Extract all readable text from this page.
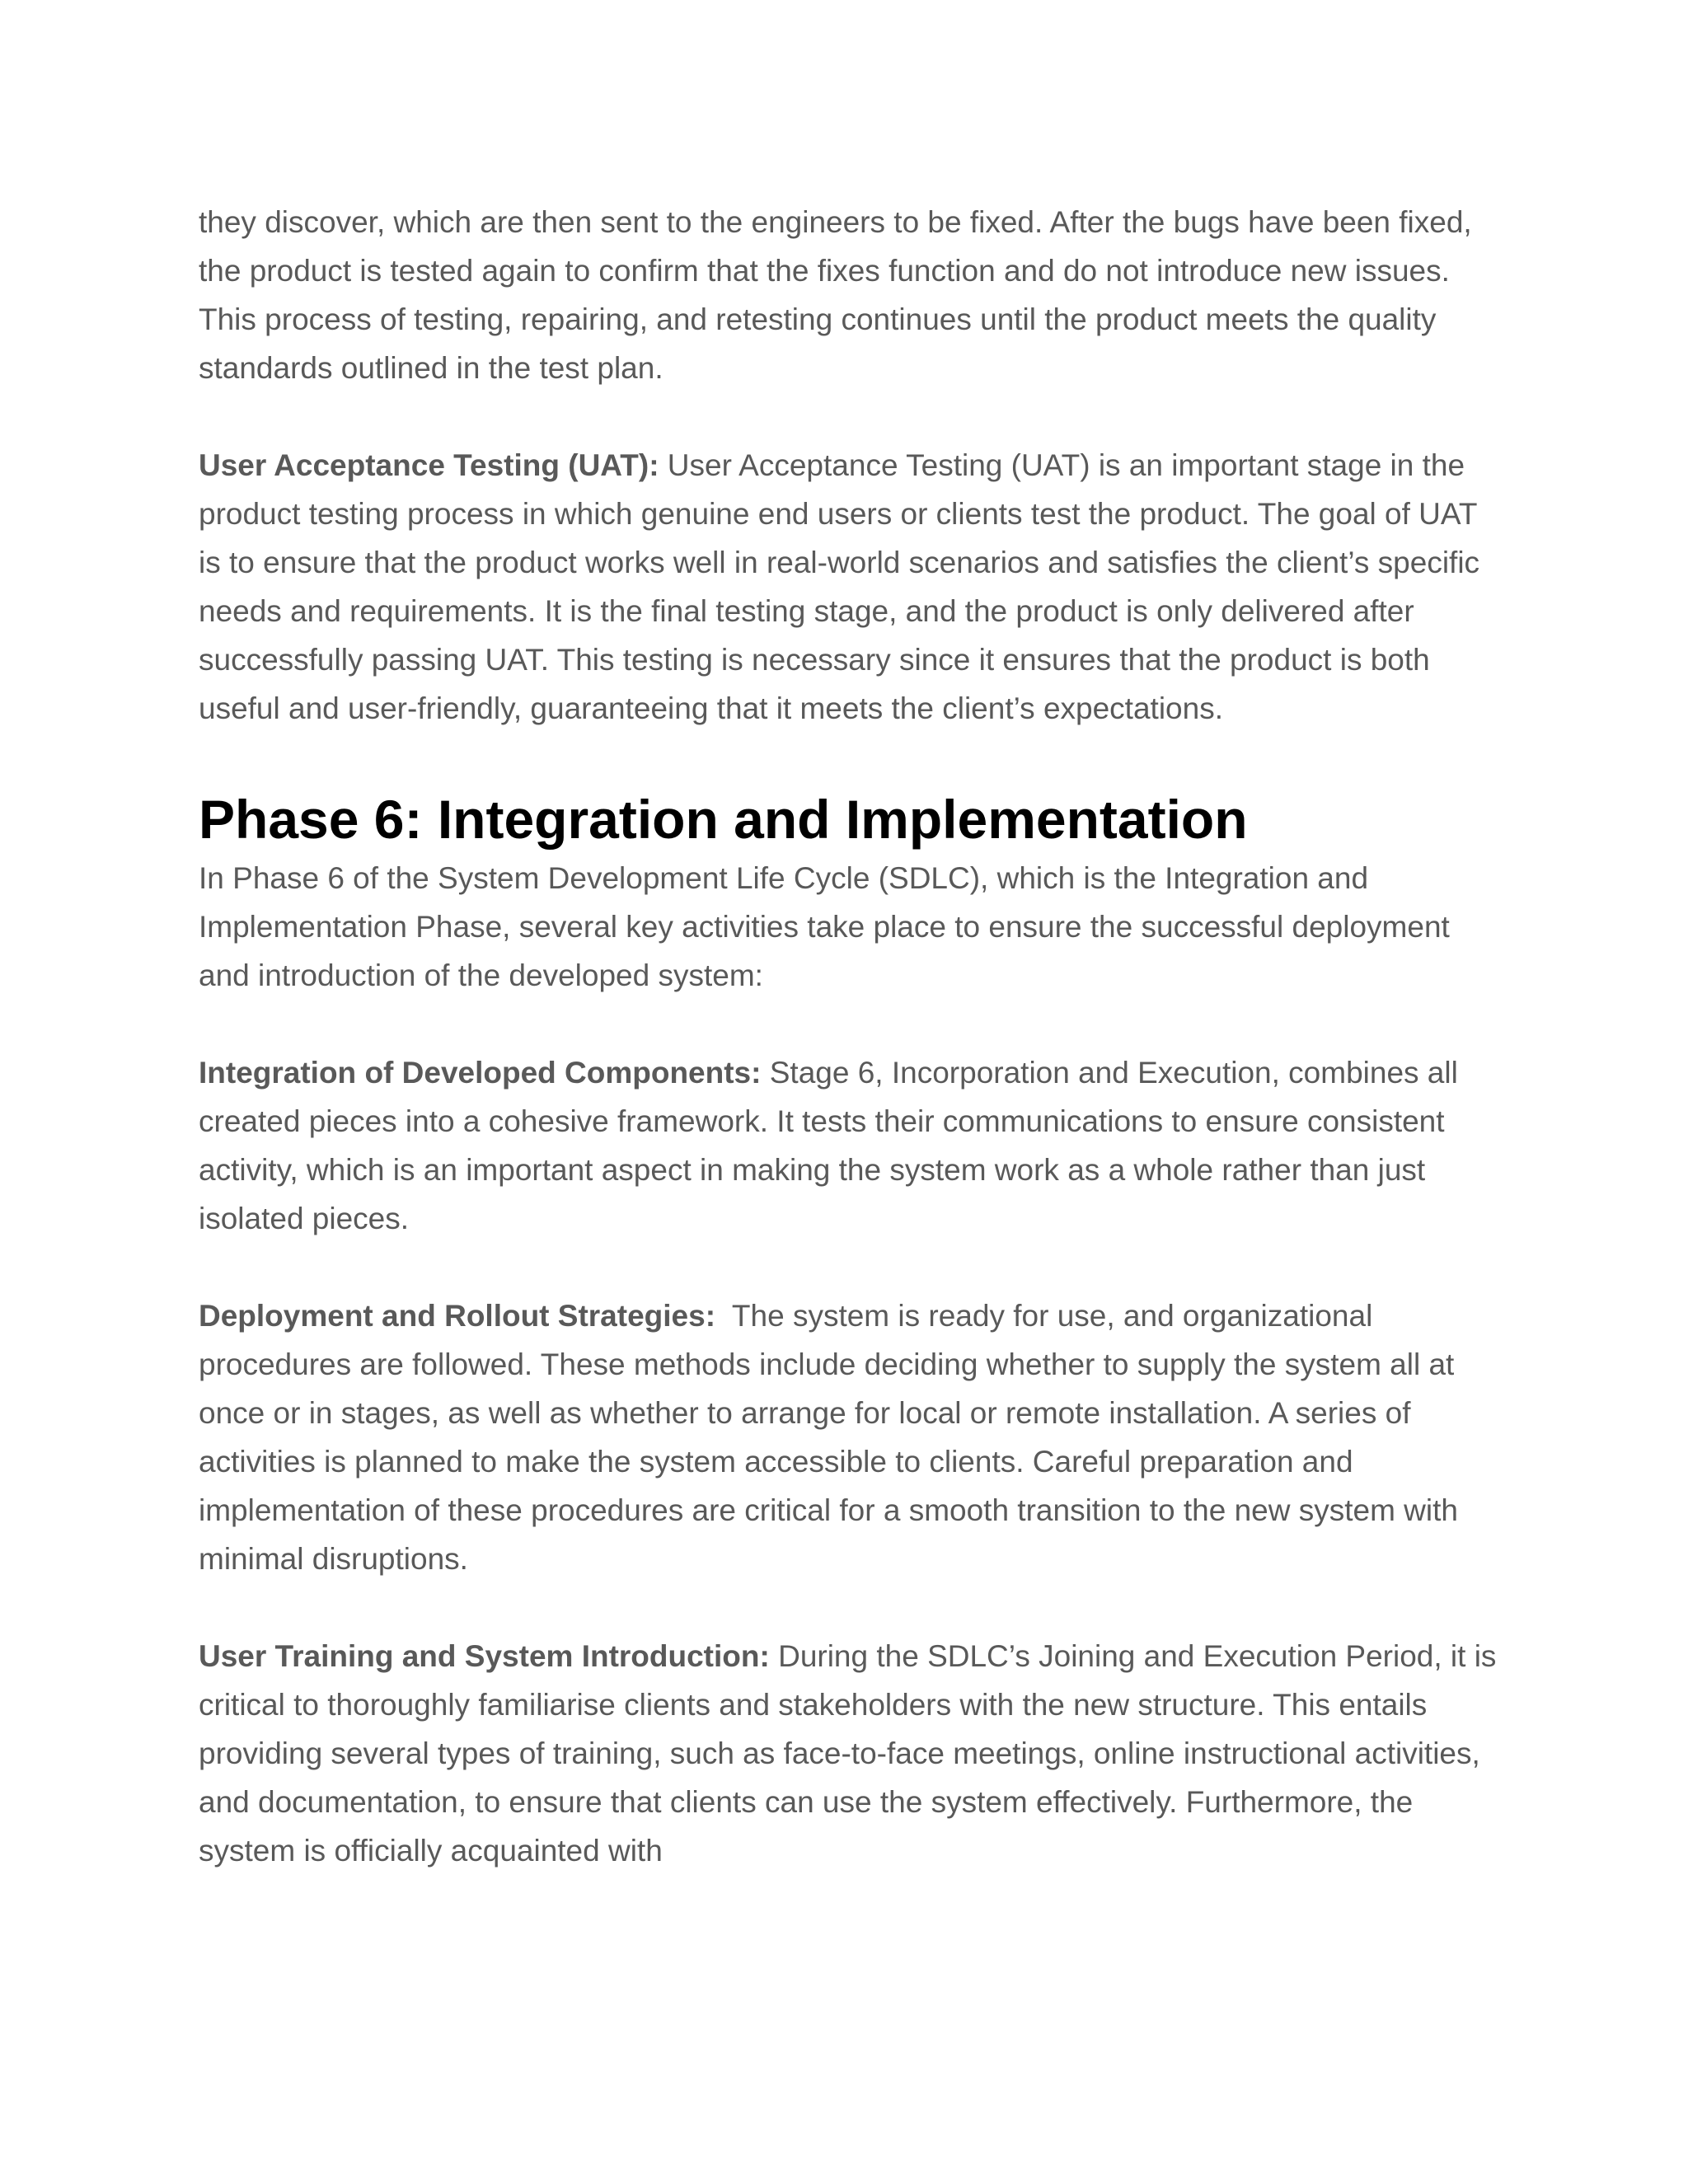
they discover, which are then sent to the engineers to be fixed. After the bugs have been fixed, the product is tested again to confirm that the fixes function and do not introduce new issues. This process of testing, repairing, and retesting continues until the product meets the quality standards outlined in the test plan.

User Acceptance Testing (UAT): User Acceptance Testing (UAT) is an important stage in the product testing process in which genuine end users or clients test the product. The goal of UAT is to ensure that the product works well in real-world scenarios and satisfies the client’s specific needs and requirements. It is the final testing stage, and the product is only delivered after successfully passing UAT. This testing is necessary since it ensures that the product is both useful and user-friendly, guaranteeing that it meets the client’s expectations.

Phase 6: Integration and Implementation

In Phase 6 of the System Development Life Cycle (SDLC), which is the Integration and Implementation Phase, several key activities take place to ensure the successful deployment and introduction of the developed system:

Integration of Developed Components: Stage 6, Incorporation and Execution, combines all created pieces into a cohesive framework. It tests their communications to ensure consistent activity, which is an important aspect in making the system work as a whole rather than just isolated pieces.

Deployment and Rollout Strategies:  The system is ready for use, and organizational procedures are followed. These methods include deciding whether to supply the system all at once or in stages, as well as whether to arrange for local or remote installation. A series of activities is planned to make the system accessible to clients. Careful preparation and implementation of these procedures are critical for a smooth transition to the new system with minimal disruptions.

User Training and System Introduction: During the SDLC’s Joining and Execution Period, it is critical to thoroughly familiarise clients and stakeholders with the new structure. This entails providing several types of training, such as face-to-face meetings, online instructional activities, and documentation, to ensure that clients can use the system effectively. Furthermore, the system is officially acquainted with
